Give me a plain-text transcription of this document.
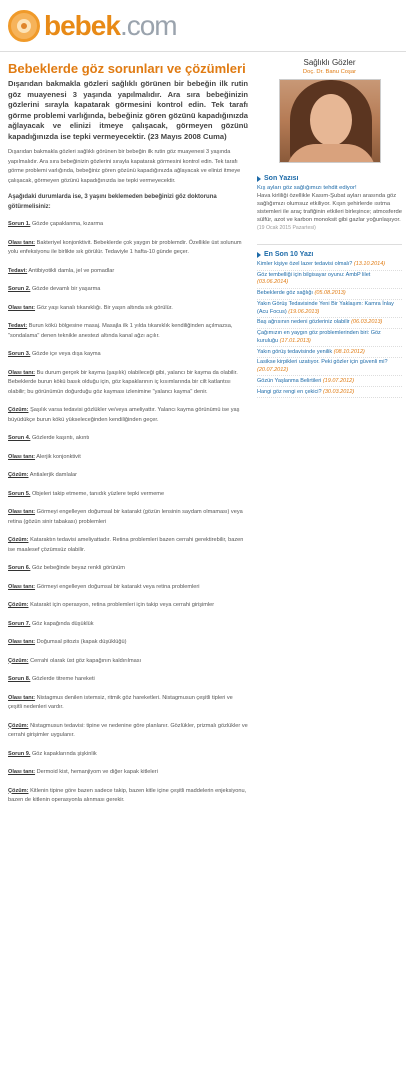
bebek .com
Bebeklerde göz sorunları ve çözümleri

Dışarıdan bakmakla gözleri sağlıklı görünen bir bebeğin ilk rutin göz muayenesi 3 yaşında yapılmalıdır. Ara sıra bebeğinizin gözlerini sırayla kapatarak görmesini kontrol edin. Tek tarafı görme problemi varlığında, bebeğiniz gören gözünü kapadığınızda ağlayacak ve elinizi itmeye çalışacak, görmeyen gözünü kapadığınızda ise tepki vermeyecektir. (23 Mayıs 2008 Cuma)

Dışarıdan bakmakla gözleri sağlıklı görünen bir bebeğin ilk rutin göz muayenesi 3 yaşında yapılmalıdır. Ara sıra bebeğinizin gözlerini sırayla kapatarak görmesini kontrol edin. Tek tarafı görme problemi varlığında, bebeğiniz gören gözünü kapadığınızda ağlayacak ve elinizi itmeye çalışacak, görmeyen gözünü kapadığınızda ise tepki vermeyecektir.

Aşağıdaki durumlarda ise, 3 yaşını beklemeden bebeğinizi göz doktoruna götürmelisiniz:

Sorun 1. Gözde çapaklanma, kızarma

Olası tanı: Bakteriyel konjonktivit. Bebeklerde çok yaygın bir problemdir. Özellikle üst solunum yolu enfeksiyonu ile birlikte sık görülür. Tedaviyle 1 hafta-10 günde geçer.

Tedavi: Antibiyotikli damla, jel ve pomadlar

Sorun 2. Gözde devamlı bir yaşarma

Olası tanı: Göz yaşı kanalı tıkanıklığı. Bir yaşın altında sık görülür.

Tedavi: Burun kökü bölgesine masaj. Masajla ilk 1 yılda tıkanıklık kendiliğinden açılmazsa, "sondalama" denen teknikle anestezi altında kanal ağzı açılır.

Sorun 3. Gözde içe veya dışa kayma

Olası tanı: Bu durum gerçek bir kayma (şaşılık) olabileceği gibi, yalancı bir kayma da olabilir. Bebeklerde burun kökü basık olduğu için, göz kapaklarının iç kısımlarında bir cilt katlantısı olabilir; bu görünümün doğurduğu göz kayması izlenimine "yalancı kayma" denir.

Çözüm: Şaşılık varsa tedavisi gözlükler ve/veya ameliyattır. Yalancı kayma görünümü ise yaş büyüdükçe burun kökü yükseleceğinden kendiliğinden geçer.

Sorun 4. Gözlerde kaşıntı, akıntı

Olası tanı: Alerjik konjonktivit

Çözüm: Antialerjik damlalar

Sorun 5. Objeleri takip etmeme, tanıdık yüzlere tepki vermeme

Olası tanı: Görmeyi engelleyen doğumsal bir katarakt (gözün lensinin saydam olmaması) veya retina (gözün sinir tabakası) problemleri

Çözüm: Kataraktın tedavisi ameliyattadır. Retina problemleri bazen cerrahi gerektirebilir, bazen ise maalesef çözümsüz olabilir.

Sorun 6. Göz bebeğinde beyaz renkli görünüm

Olası tanı: Görmeyi engelleyen doğumsal bir katarakt veya retina problemleri

Çözüm: Katarakt için operasyon, retina problemleri için takip veya cerrahi girişimler

Sorun 7. Göz kapağında düşüklük

Olası tanı: Doğumsal pitozis (kapak düşüklüğü)

Çözüm: Cerrahi olarak üst göz kapağının kaldırılması

Sorun 8. Gözlerde titreme hareketi

Olası tanı: Nistagmus denilen istemsiz, ritmik göz hareketleri. Nistagmusun çeşitli tipleri ve çeşitli nedenleri vardır.

Çözüm: Nistagmusun tedavisi: tipine ve nedenine göre planlanır. Gözlükler, prizmalı gözlükler ve cerrahi girişimler uygulanır.

Sorun 9. Göz kapaklarında şişkinlik

Olası tanı: Dermoid kist, hemanjiyom ve diğer kapak kitleleri

Çözüm: Kitlenin tipine göre bazen sadece takip, bazen kitle içine çeşitli maddelerin enjeksiyonu, bazen de kitlenin operasyonla alınması gerekir.

Sağlıklı Gözler
Doç. Dr. Banu Coşar
Son Yazısı
Kış ayları göz sağlığımızı tehdit ediyor!
Hava kirliliği özellikle Kasım-Şubat ayları arasında göz sağlığımızı olumsuz etkiliyor. Kışın şehirlerde ısıtma sistemleri ile araç trafiğinin etkileri birleşince; atmosferde sülfür, azot ve karbon monoksit gibi gazlar yoğunlaşıyor.
(19 Ocak 2015 Pazartesi)
En Son 10 Yazı
Kimler kişiye özel lazer tedavisi olmalı? (13.10.2014)
Göz tembelliği için bilgisayar oyunu: AmbP lilet (03.06.2014)
Bebeklerde göz sağlığı (05.08.2013)
Yakın Görüş Tedavisinde Yeni Bir Yaklaşım: Kamra İnlay (Acu Focus) (19.06.2013)
Baş ağrısının nedeni gözleriniz olabilir (06.03.2013)
Çağımızın en yaygın göz problemlerinden biri: Göz kuruluğu (17.01.2013)
Yakın görüş tedavisinde yenilik (08.10.2012)
Lasikse kirpikleri uzatıyor. Peki gözler için güvenli mi? (20.07.2012)
Gözün Yaşlanma Belirtileri (19.07.2012)
Hangi göz rengi en çekici? (30.03.2012)
